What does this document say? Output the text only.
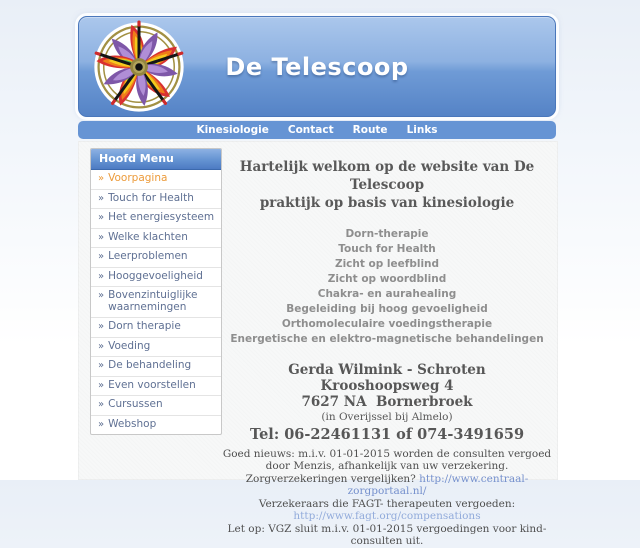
De Telescoop
Kinesiologie Contact Route Links
Hoofd Menu
» Voorpagina
» Touch for Health
» Het energiesysteem
» Welke klachten
» Leerproblemen
» Hooggevoeligheid
» Bovenzintuiglijke waarnemingen
» Dorn therapie
» Voeding
» De behandeling
» Even voorstellen
» Cursussen
» Webshop
Hartelijk welkom op de website van De Telescoop
praktijk op basis van kinesiologie
Dorn-therapie
Touch for Health
Zicht op leefblind
Zicht op woordblind
Chakra- en aurahealing
Begeleiding bij hoog gevoeligheid
Orthomoleculaire voedingstherapie
Energetische en elektro-magnetische behandelingen
Gerda Wilmink - Schroten
Krooshoopsweg 4
7627 NA  Bornerbroek
(in Overijssel bij Almelo)
Tel: 06-22461131 of 074-3491659

Goed nieuws: m.i.v. 01-01-2015 worden de consulten vergoed door Menzis, afhankelijk van uw verzekering.

Zorgverzekeringen vergelijken? http://www.centraal-zorgportaal.nl/

Verzekeraars die FAGT- therapeuten vergoeden: http://www.fagt.org/compensations

Let op: VGZ sluit m.i.v. 01-01-2015 vergoedingen voor kind-consulten uit.
